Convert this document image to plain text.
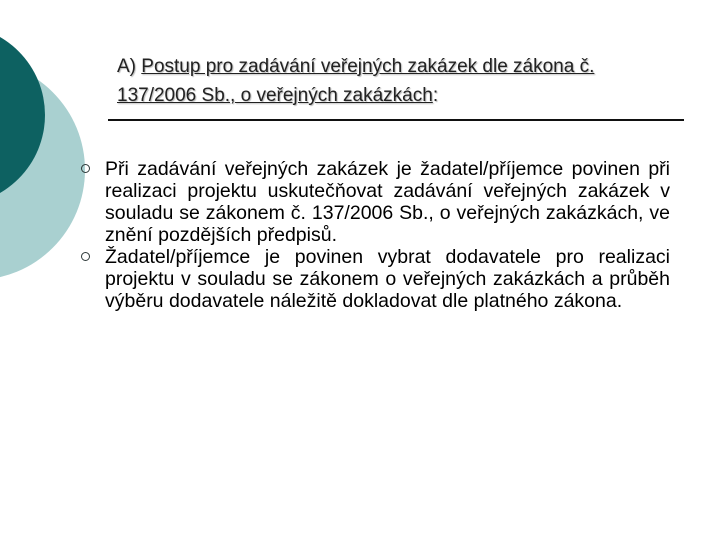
A) Postup pro zadávání veřejných zakázek dle zákona č. 137/2006 Sb., o veřejných zakázkách:
Při zadávání veřejných zakázek je žadatel/příjemce povinen při realizaci projektu uskutečňovat zadávání veřejných zakázek v souladu se zákonem č. 137/2006 Sb., o veřejných zakázkách, ve znění pozdějších předpisů.
Žadatel/příjemce je povinen vybrat dodavatele pro realizaci projektu v souladu se zákonem o veřejných zakázkách a průběh výběru dodavatele náležitě dokladovat dle platného zákona.
